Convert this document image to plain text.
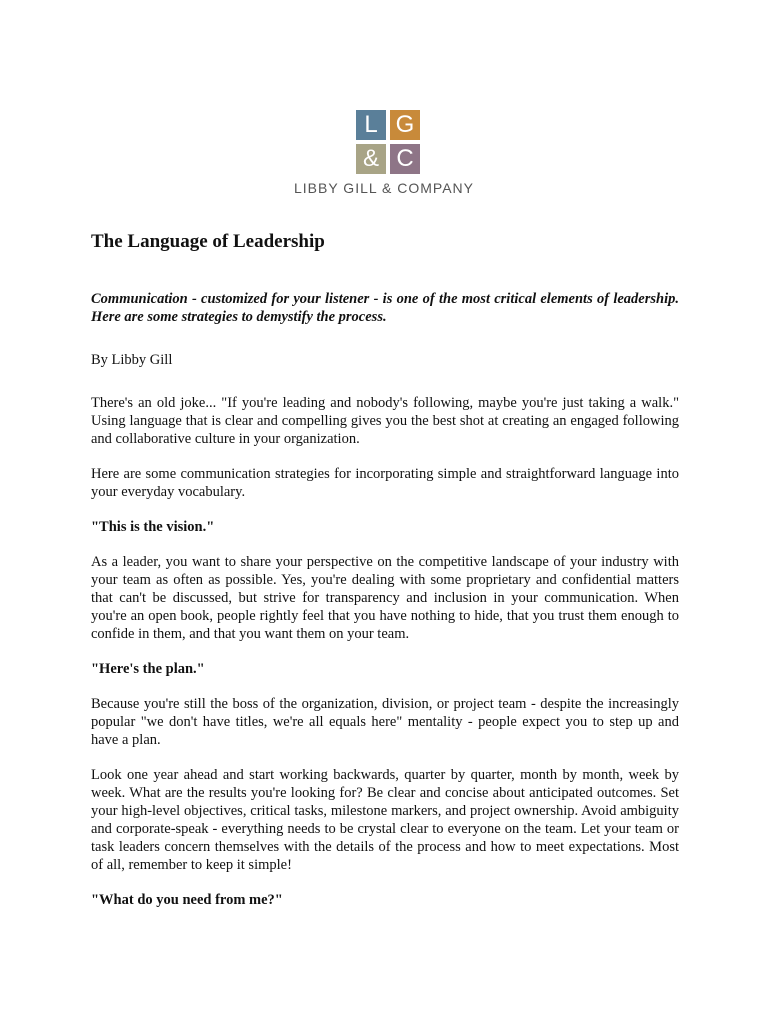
L G
& C
LIBBY GILL & COMPANY
The Language of Leadership

Communication - customized for your listener - is one of the most critical elements of leadership. Here are some strategies to demystify the process.

By Libby Gill

There's an old joke... "If you're leading and nobody's following, maybe you're just taking a walk." Using language that is clear and compelling gives you the best shot at creating an engaged following and collaborative culture in your organization.

Here are some communication strategies for incorporating simple and straightforward language into your everyday vocabulary.

"This is the vision."

As a leader, you want to share your perspective on the competitive landscape of your industry with your team as often as possible. Yes, you're dealing with some proprietary and confidential matters that can't be discussed, but strive for transparency and inclusion in your communication. When you're an open book, people rightly feel that you have nothing to hide, that you trust them enough to confide in them, and that you want them on your team.

"Here's the plan."

Because you're still the boss of the organization, division, or project team - despite the increasingly popular "we don't have titles, we're all equals here" mentality - people expect you to step up and have a plan.

Look one year ahead and start working backwards, quarter by quarter, month by month, week by week. What are the results you're looking for? Be clear and concise about anticipated outcomes. Set your high-level objectives, critical tasks, milestone markers, and project ownership. Avoid ambiguity and corporate-speak - everything needs to be crystal clear to everyone on the team. Let your team or task leaders concern themselves with the details of the process and how to meet expectations. Most of all, remember to keep it simple!

"What do you need from me?"
